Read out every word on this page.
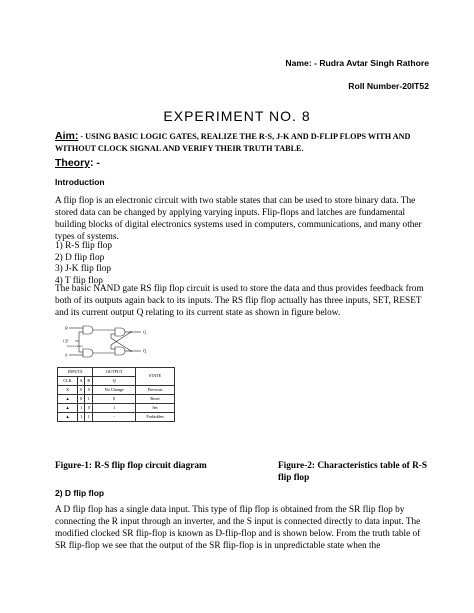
Name: - Rudra Avtar Singh Rathore
Roll Number-20IT52
EXPERIMENT NO. 8
Aim: - USING BASIC LOGIC GATES, REALIZE THE R-S, J-K AND D-FLIP FLOPS WITH AND WITHOUT CLOCK SIGNAL AND VERIFY THEIR TRUTH TABLE.
Theory: -
Introduction
A flip flop is an electronic circuit with two stable states that can be used to store binary data. The stored data can be changed by applying varying inputs. Flip-flops and latches are fundamental building blocks of digital electronics systems used in computers, communications, and many other types of systems.
1) R-S flip flop
2) D flip flop
3) J-K flip flop
4) T flip flop
The basic NAND gate RS flip flop circuit is used to store the data and thus provides feedback from both of its outputs again back to its inputs. The RS flip flop actually has three inputs, SET, RESET and its current output Q relating to its current state as shown in figure below.
R
S
CP
(clock pulse)
Q
Q̅
INPUTS			OUTPUT	STATE
CLK	S	R	Q	
X	0	0	No Change	Previous
▲	0	1	0	Reset
▲	1	0	1	Set
▲	1	1	-	Forbidden
Figure-1: R-S flip flop circuit diagram	Figure-2: Characteristics table of R-S flip flop
2) D flip flop
A D flip flop has a single data input. This type of flip flop is obtained from the SR flip flop by connecting the R input through an inverter, and the S input is connected directly to data input. The modified clocked SR flip-flop is known as D-flip-flop and is shown below. From the truth table of SR flip-flop we see that the output of the SR flip-flop is in unpredictable state when the
